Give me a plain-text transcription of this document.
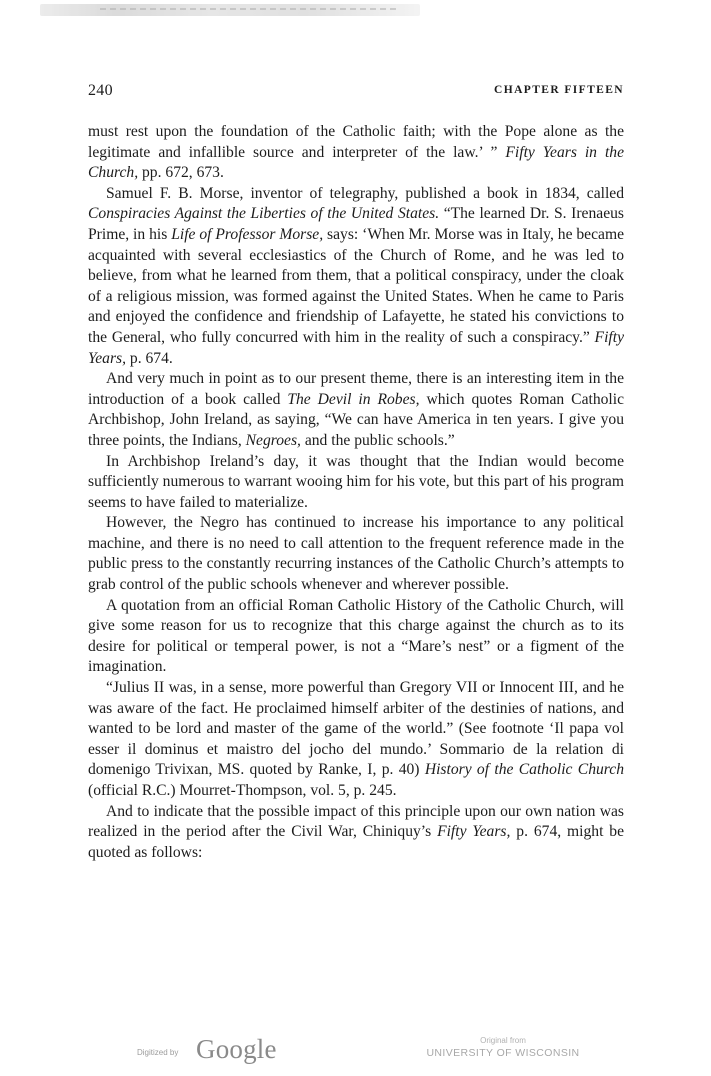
240	CHAPTER FIFTEEN

must rest upon the foundation of the Catholic faith; with the Pope alone as the legitimate and infallible source and interpreter of the law.’ ” Fifty Years in the Church, pp. 672, 673.

Samuel F. B. Morse, inventor of telegraphy, published a book in 1834, called Conspiracies Against the Liberties of the United States. “The learned Dr. S. Irenaeus Prime, in his Life of Professor Morse, says: ‘When Mr. Morse was in Italy, he became acquainted with several ecclesiastics of the Church of Rome, and he was led to believe, from what he learned from them, that a political conspiracy, under the cloak of a religious mission, was formed against the United States. When he came to Paris and enjoyed the confidence and friendship of Lafayette, he stated his convictions to the General, who fully concurred with him in the reality of such a conspiracy.” Fifty Years, p. 674.

And very much in point as to our present theme, there is an interesting item in the introduction of a book called The Devil in Robes, which quotes Roman Catholic Archbishop, John Ireland, as saying, “We can have America in ten years. I give you three points, the Indians, Negroes, and the public schools.”

In Archbishop Ireland’s day, it was thought that the Indian would become sufficiently numerous to warrant wooing him for his vote, but this part of his program seems to have failed to materialize.

However, the Negro has continued to increase his importance to any political machine, and there is no need to call attention to the frequent reference made in the public press to the constantly recurring instances of the Catholic Church’s attempts to grab control of the public schools whenever and wherever possible.

A quotation from an official Roman Catholic History of the Catholic Church, will give some reason for us to recognize that this charge against the church as to its desire for political or temperal power, is not a “Mare’s nest” or a figment of the imagination.

“Julius II was, in a sense, more powerful than Gregory VII or Innocent III, and he was aware of the fact. He proclaimed himself arbiter of the destinies of nations, and wanted to be lord and master of the game of the world.” (See footnote ‘Il papa vol esser il dominus et maistro del jocho del mundo.’ Sommario de la relation di domenigo Trivixan, MS. quoted by Ranke, I, p. 40) History of the Catholic Church (official R.C.) Mourret-Thompson, vol. 5, p. 245.

And to indicate that the possible impact of this principle upon our own nation was realized in the period after the Civil War, Chiniquy’s Fifty Years, p. 674, might be quoted as follows:

Digitized by Google	Original from
UNIVERSITY OF WISCONSIN
